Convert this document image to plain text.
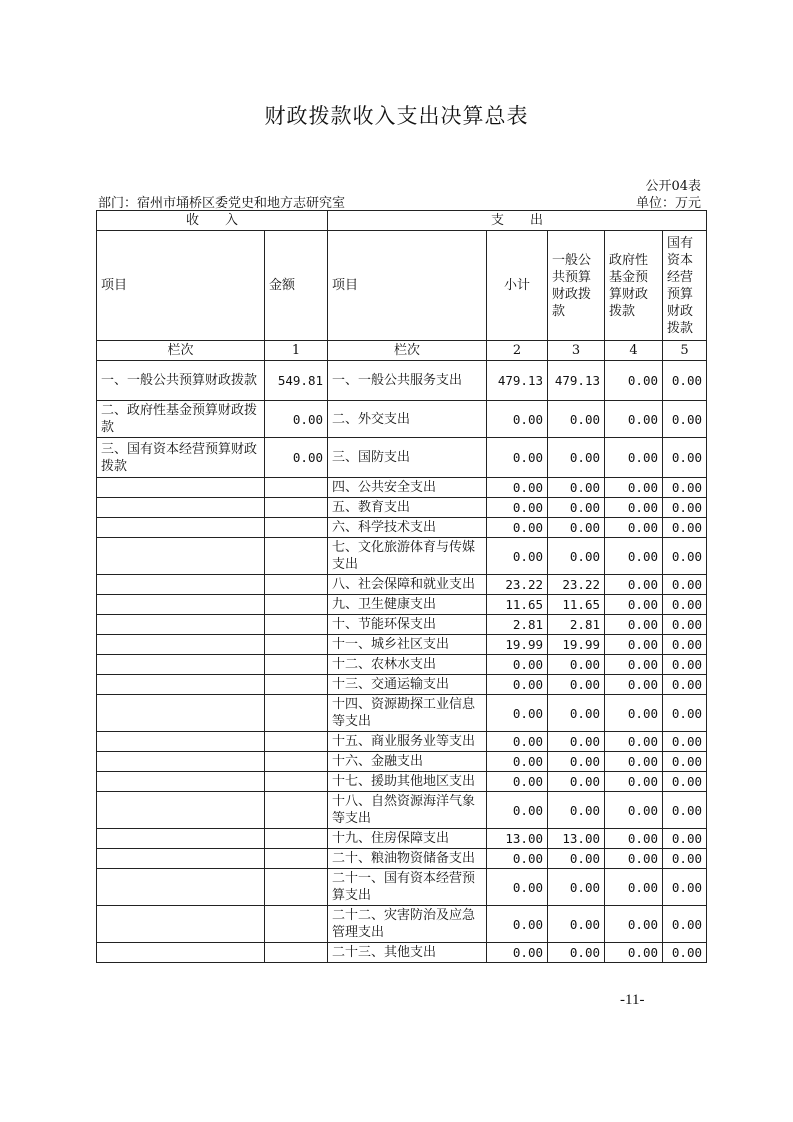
财政拨款收入支出决算总表
公开04表
部门：宿州市埇桥区委党史和地方志研究室	单位：万元
收　　入		支　　出				
项目	金额	项目	小计	一般公共预算财政拨款	政府性基金预算财政拨款	国有资本经营预算财政拨款
栏次	1	栏次	2	3	4	5
一、一般公共预算财政拨款	549.81	一、一般公共服务支出	479.13	479.13	0.00	0.00
二、政府性基金预算财政拨款	0.00	二、外交支出	0.00	0.00	0.00	0.00
三、国有资本经营预算财政拨款	0.00	三、国防支出	0.00	0.00	0.00	0.00
		四、公共安全支出	0.00	0.00	0.00	0.00
		五、教育支出	0.00	0.00	0.00	0.00
		六、科学技术支出	0.00	0.00	0.00	0.00
		七、文化旅游体育与传媒支出	0.00	0.00	0.00	0.00
		八、社会保障和就业支出	23.22	23.22	0.00	0.00
		九、卫生健康支出	11.65	11.65	0.00	0.00
		十、节能环保支出	2.81	2.81	0.00	0.00
		十一、城乡社区支出	19.99	19.99	0.00	0.00
		十二、农林水支出	0.00	0.00	0.00	0.00
		十三、交通运输支出	0.00	0.00	0.00	0.00
		十四、资源勘探工业信息等支出	0.00	0.00	0.00	0.00
		十五、商业服务业等支出	0.00	0.00	0.00	0.00
		十六、金融支出	0.00	0.00	0.00	0.00
		十七、援助其他地区支出	0.00	0.00	0.00	0.00
		十八、自然资源海洋气象等支出	0.00	0.00	0.00	0.00
		十九、住房保障支出	13.00	13.00	0.00	0.00
		二十、粮油物资储备支出	0.00	0.00	0.00	0.00
		二十一、国有资本经营预算支出	0.00	0.00	0.00	0.00
		二十二、灾害防治及应急管理支出	0.00	0.00	0.00	0.00
		二十三、其他支出	0.00	0.00	0.00	0.00
-11-
